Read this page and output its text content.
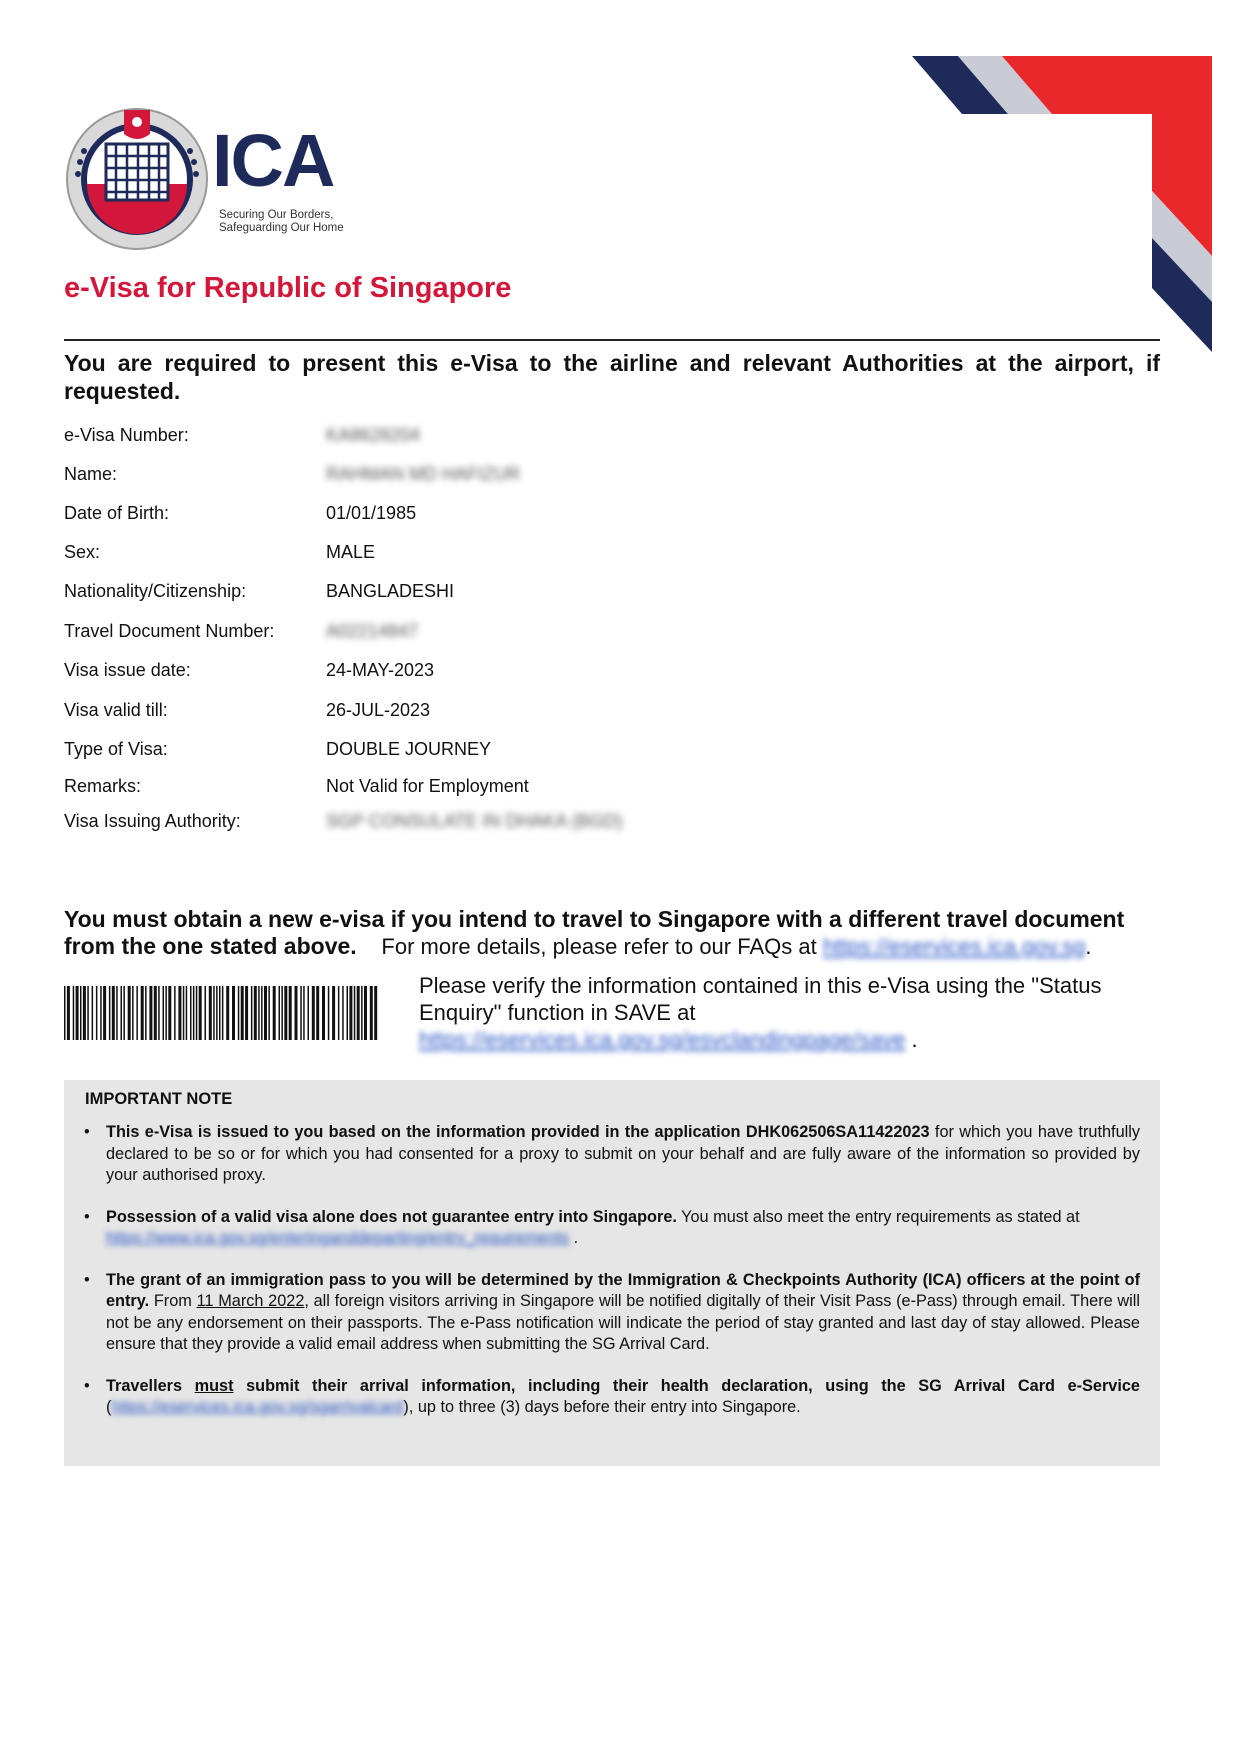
ICA
Securing Our Borders,
Safeguarding Our Home
e-Visa for Republic of Singapore
You are required to present this e-Visa to the airline and relevant Authorities at the airport, if requested.
e-Visa Number:	KA8628204
Name:	RAHMAN MD HAFIZUR
Date of Birth:	01/01/1985
Sex:	MALE
Nationality/Citizenship:	BANGLADESHI
Travel Document Number:	A02214847
Visa issue date:	24-MAY-2023
Visa valid till:	26-JUL-2023
Type of Visa:	DOUBLE JOURNEY
Remarks:	Not Valid for Employment
Visa Issuing Authority:	SGP CONSULATE IN DHAKA (BGD)
You must obtain a new e-visa if you intend to travel to Singapore with a different travel document from the one stated above. For more details, please refer to our FAQs at https://eservices.ica.gov.sg.
Please verify the information contained in this e-Visa using the "Status Enquiry" function in SAVE at
https://eservices.ica.gov.sg/esvclandingpage/save .
IMPORTANT NOTE
• This e-Visa is issued to you based on the information provided in the application DHK062506SA11422023 for which you have truthfully declared to be so or for which you had consented for a proxy to submit on your behalf and are fully aware of the information so provided by your authorised proxy.
• Possession of a valid visa alone does not guarantee entry into Singapore. You must also meet the entry requirements as stated at
https://www.ica.gov.sg/enteringanddeparting/entry_requirements .
• The grant of an immigration pass to you will be determined by the Immigration & Checkpoints Authority (ICA) officers at the point of entry. From 11 March 2022, all foreign visitors arriving in Singapore will be notified digitally of their Visit Pass (e-Pass) through email. There will not be any endorsement on their passports. The e-Pass notification will indicate the period of stay granted and last day of stay allowed. Please ensure that they provide a valid email address when submitting the SG Arrival Card.
• Travellers must submit their arrival information, including their health declaration, using the SG Arrival Card e-Service (https://eservices.ica.gov.sg/sgarrivalcard), up to three (3) days before their entry into Singapore.
